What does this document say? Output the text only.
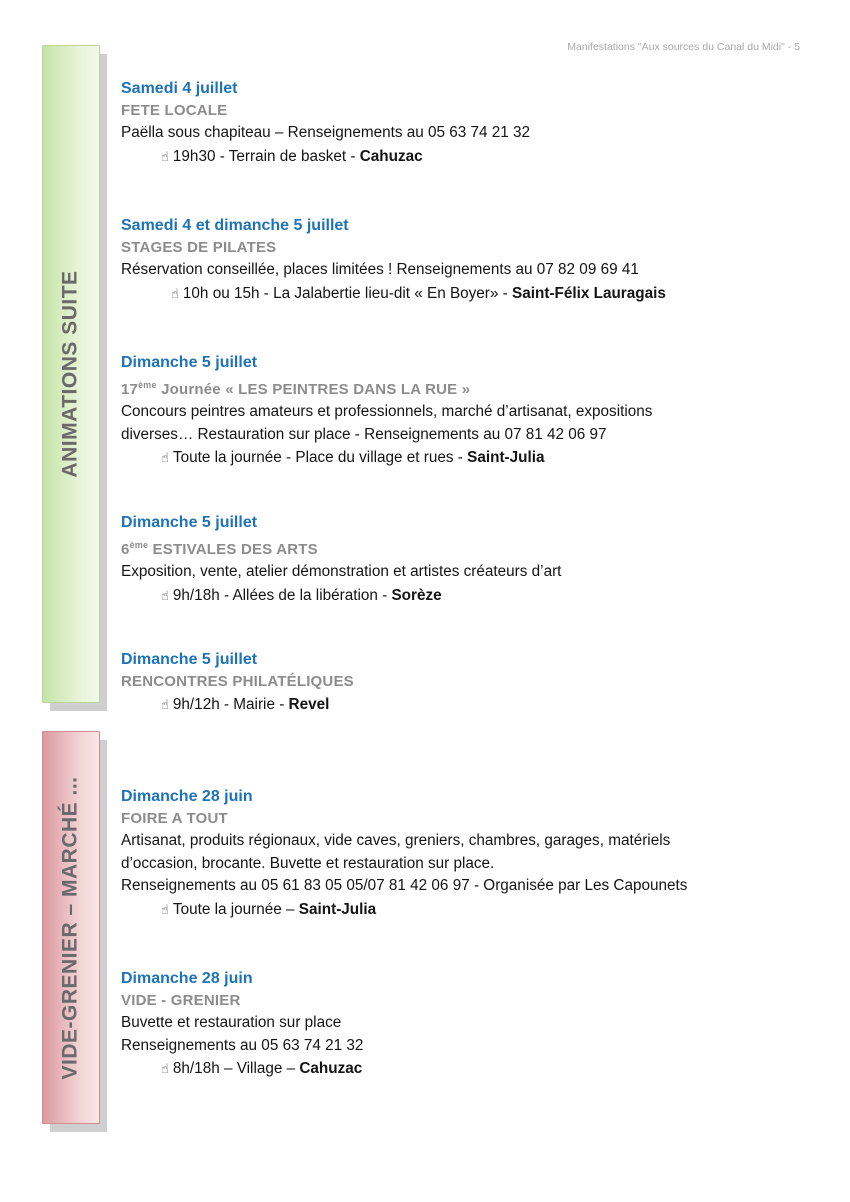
Manifestations "Aux sources du Canal du Midi" - 5
ANIMATIONS SUITE
VIDE-GRENIER – MARCHÉ ...
Samedi 4 juillet
FETE LOCALE
Paëlla sous chapiteau – Renseignements au 05 63 74 21 32
☝ 19h30 - Terrain de basket - Cahuzac
Samedi 4 et dimanche 5 juillet
STAGES DE PILATES
Réservation conseillée, places limitées ! Renseignements au 07 82 09 69 41
☝ 10h ou 15h - La Jalabertie lieu-dit « En Boyer» - Saint-Félix Lauragais
Dimanche 5 juillet
17ème Journée « LES PEINTRES DANS LA RUE »
Concours peintres amateurs et professionnels, marché d’artisanat, expositions
diverses… Restauration sur place - Renseignements au 07 81 42 06 97
☝ Toute la journée - Place du village et rues - Saint-Julia
Dimanche 5 juillet
6ème ESTIVALES DES ARTS
Exposition, vente, atelier démonstration et artistes créateurs d’art
☝ 9h/18h - Allées de la libération - Sorèze
Dimanche 5 juillet
RENCONTRES PHILATÉLIQUES
☝ 9h/12h - Mairie - Revel
Dimanche 28 juin
FOIRE A TOUT
Artisanat, produits régionaux, vide caves, greniers, chambres, garages, matériels
d’occasion, brocante. Buvette et restauration sur place.
Renseignements au 05 61 83 05 05/07 81 42 06 97 - Organisée par Les Capounets
☝ Toute la journée – Saint-Julia
Dimanche 28 juin
VIDE - GRENIER
Buvette et restauration sur place
Renseignements au 05 63 74 21 32
☝ 8h/18h – Village – Cahuzac
